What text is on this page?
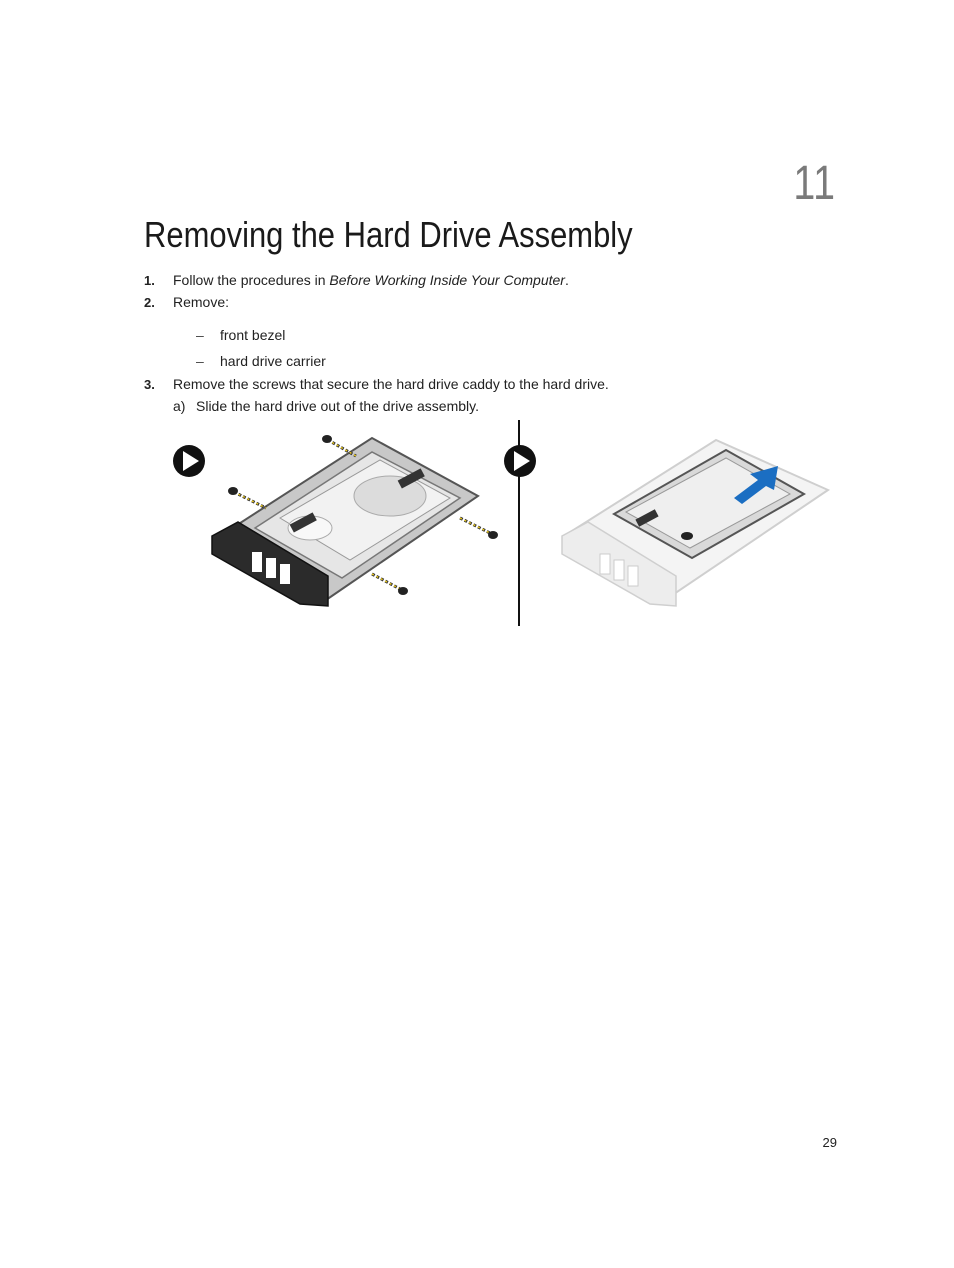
11
Removing the Hard Drive Assembly
1. Follow the procedures in Before Working Inside Your Computer.
2. Remove:
– front bezel
– hard drive carrier
3. Remove the screws that secure the hard drive caddy to the hard drive.
a) Slide the hard drive out of the drive assembly.
29
